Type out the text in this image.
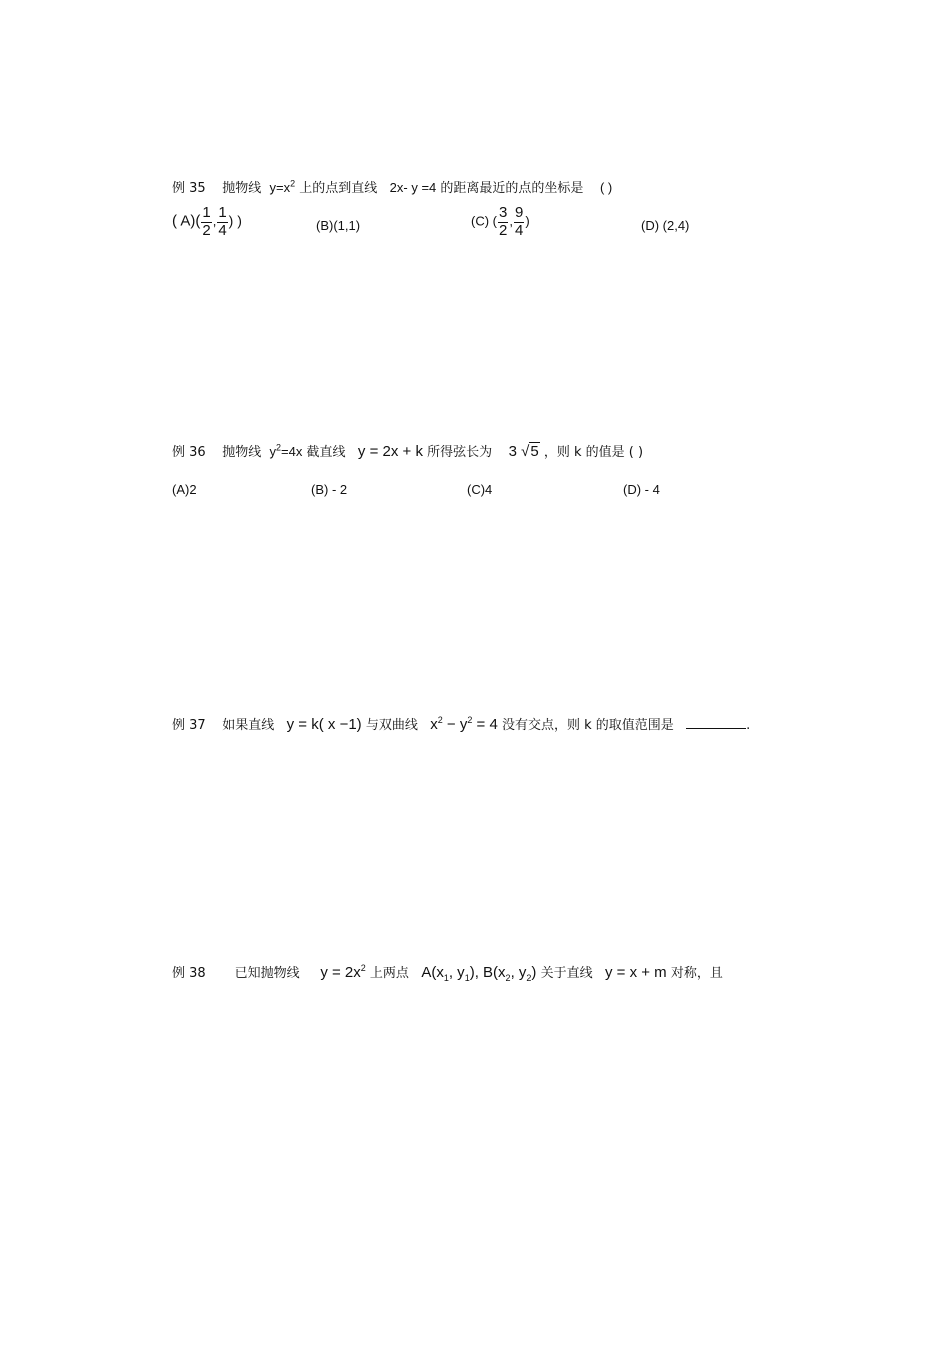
例 35 抛物线 $y=x^2$ 上的点到直线 2x- y =4 的距离最近的点的坐标是 ( )
( $A)( \frac{1}{2}$ , $\frac{1}{4}$ ) )	(B)(1,1)	(C) ( $\frac{3}{2}$ , $\frac{9}{4}$ )	(D) (2,4)
例 36 抛物线 $y^2=4x$ 截直线 y = 2x + k 所得弦长为 3 √5 ，则 k 的值是 ( )
(A)2	(B) - 2	(C)4	(D) - 4
例 37 如果直线 y = k( x −1) 与双曲线 $x^2 - y^2 = 4$ 没有交点，则 k 的取值范围是	.
例 38 已知抛物线 $y = 2x^2$ 上两点 $A(x_1$, $y_1$), $B(x_2$, $y_2$) 关于直线 y = x + m 对称，且
